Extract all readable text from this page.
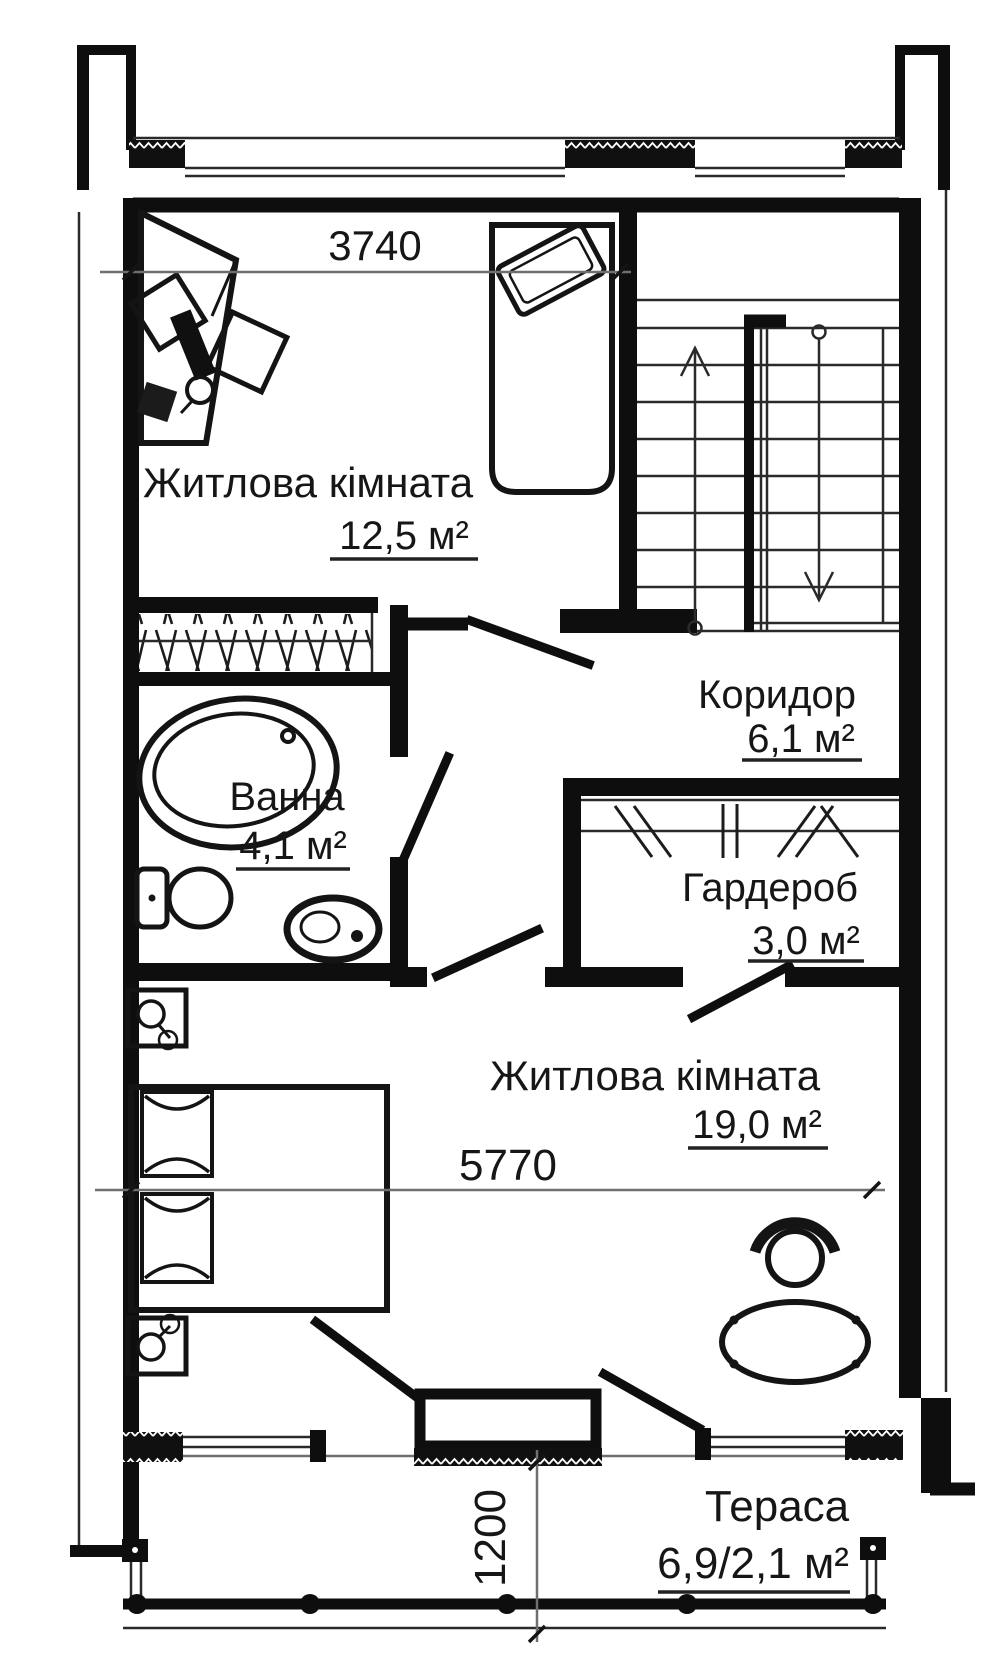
3740
Житлова кімната
12,5 м²
Ванна
4,1 м²
Коридор
6,1 м²
Гардероб
3,0 м²
5770
Житлова кімната
19,0 м²
1200	Тераса
6,9/2,1 м²
